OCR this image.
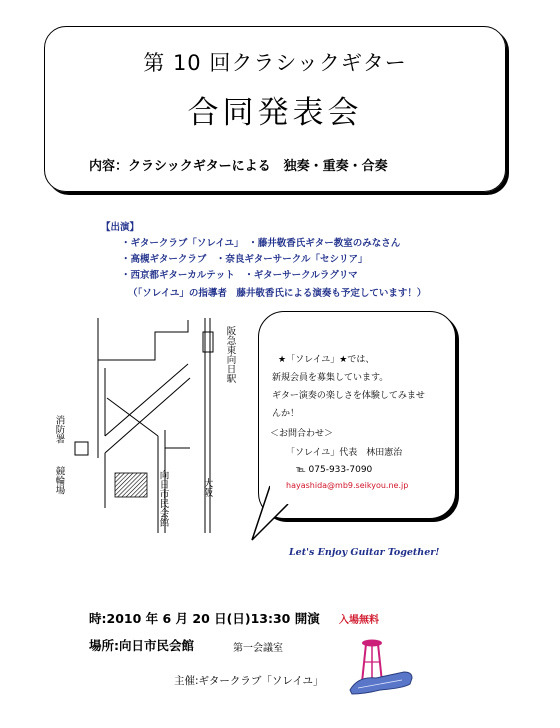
第 10 回クラシックギター
合同発表会
内容：クラシックギターによる　独奏・重奏・合奏
【出演】
・ギタークラブ「ソレイユ」　・藤井敬香氏ギター教室のみなさん
・高槻ギタークラブ　・奈良ギターサークル「セシリア」
・西京都ギターカルテット　・ギターサークルラグリマ
（「ソレイユ」の指導者　藤井敬香氏による演奏も予定しています！）
阪急東向日駅
向日市民会館	大阪
消防署
競輪場
★「ソレイユ」★では、
新規会員を募集しています。
ギター演奏の楽しさを体験してみませ
んか！
＜お問合わせ＞
「ソレイユ」代表　林田憲治
℡ 075-933-7090
hayashida@mb9.seikyou.ne.jp
Let's Enjoy Guitar Together!
時:2010 年 6 月 20 日(日)13:30 開演 入場無料
場所:向日市民会館	第一会議室
主催:ギタークラブ「ソレイユ」
